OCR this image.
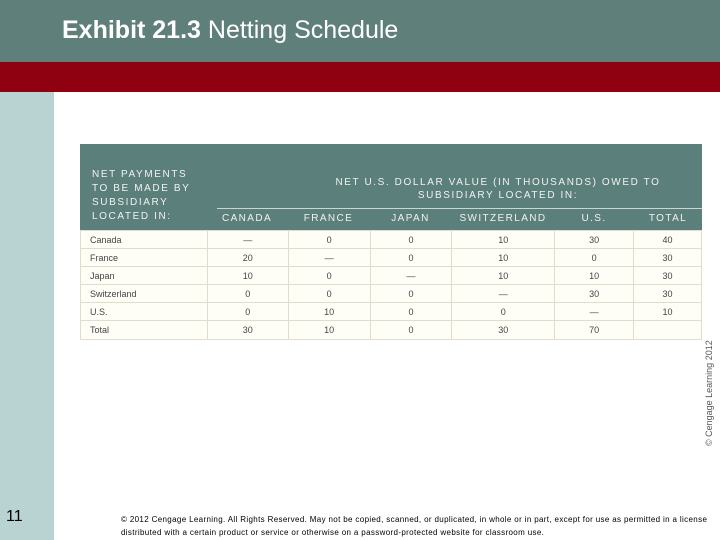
Exhibit 21.3 Netting Schedule
11
NET PAYMENTS
TO BE MADE BY
SUBSIDIARY
LOCATED IN:
NET U.S. DOLLAR VALUE (IN THOUSANDS) OWED TO
SUBSIDIARY LOCATED IN:
CANADA	FRANCE	JAPAN	SWITZERLAND	U.S.	TOTAL
Canada	—	0	0	10	30	40
France	20	—	0	10	0	30
Japan	10	0	—	10	10	30
Switzerland	0	0	0	—	30	30
U.S.	0	10	0	0	—	10
Total	30	10	0	30	70	
© Cengage Learning 2012
© 2012 Cengage Learning. All Rights Reserved. May not be copied, scanned, or duplicated, in whole or in part, except for use as permitted in a license distributed with a certain product or service or otherwise on a password-protected website for classroom use.
